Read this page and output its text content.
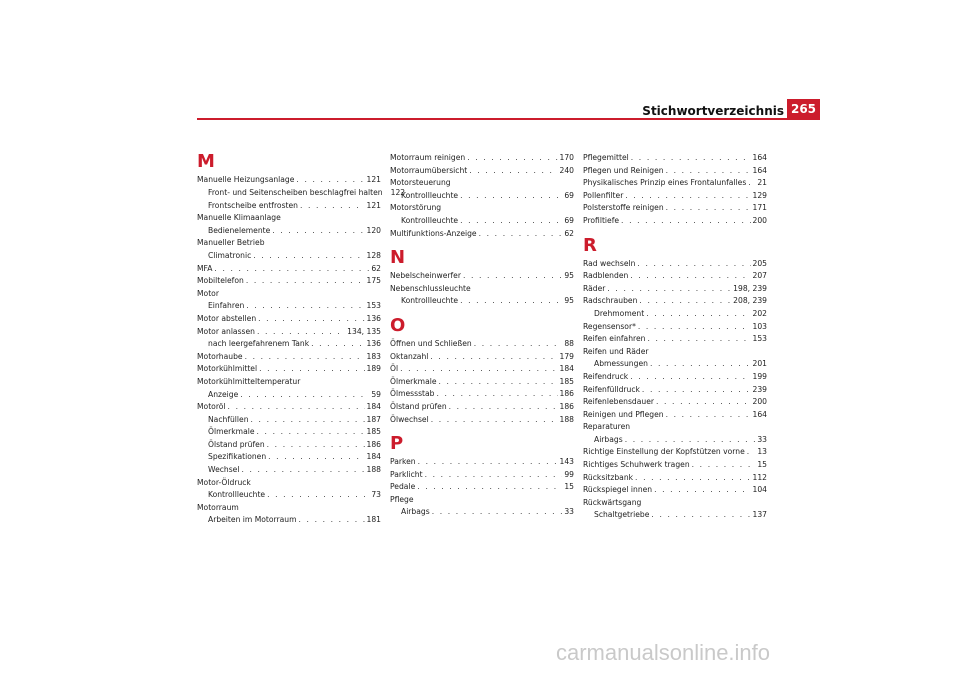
Stichwortverzeichnis 265
M
Manuelle Heizungsanlage . . .	121
Front- und Seitenscheiben beschlagfrei halten	122
Frontscheibe entfrosten . . .	121
Manuelle Klimaanlage
Bedienelemente . . .	120
Manueller Betrieb
Climatronic . . .	128
MFA . . .	62
Mobiltelefon . . .	175
Motor
Einfahren . . .	153
Motor abstellen . . .	136
Motor anlassen . . .	134, 135
nach leergefahrenem Tank . . .	136
Motorhaube . . .	183
Motorkühlmittel . . .	189
Motorkühlmitteltemperatur
Anzeige . . .	59
Motoröl . . .	184
Nachfüllen . . .	187
Ölmerkmale . . .	185
Ölstand prüfen . . .	186
Spezifikationen . . .	184
Wechsel . . .	188
Motor-Öldruck
Kontrollleuchte . . .	73
Motorraum
Arbeiten im Motorraum . . .	181
Motorraum reinigen . . .	170
Motorraumübersicht . . .	240
Motorsteuerung
Kontrollleuchte . . .	69
Motorstörung
Kontrollleuchte . . .	69
Multifunktions-Anzeige . . .	62
N
Nebelscheinwerfer . . .	95
Nebenschlussleuchte
Kontrollleuchte . . .	95
O
Öffnen und Schließen . . .	88
Oktanzahl . . .	179
Öl . . .	184
Ölmerkmale . . .	185
Ölmessstab . . .	186
Ölstand prüfen . . .	186
Ölwechsel . . .	188
P
Parken . . .	143
Parklicht . . .	99
Pedale . . .	15
Pflege
Airbags . . .	33
Pflegemittel . . .	164
Pflegen und Reinigen . . .	164
Physikalisches Prinzip eines Frontalunfalles . . . 21
Pollenfilter . . .	129
Polsterstoffe reinigen . . .	171
Profiltiefe . . .	200
R
Rad wechseln . . .	205
Radblenden . . .	207
Räder . . .	198, 239
Radschrauben . . .	208, 239
Drehmoment . . .	202
Regensensor* . . .	103
Reifen einfahren . . .	153
Reifen und Räder
Abmessungen . . .	201
Reifendruck . . .	199
Reifenfülldruck . . .	239
Reifenlebensdauer . . .	200
Reinigen und Pflegen . . .	164
Reparaturen
Airbags . . .	33
Richtige Einstellung der Kopfstützen vorne . . . 13
Richtiges Schuhwerk tragen . . .	15
Rücksitzbank . . .	112
Rückspiegel innen . . .	104
Rückwärtsgang
Schaltgetriebe . . .	137
carmanualsonline.info
